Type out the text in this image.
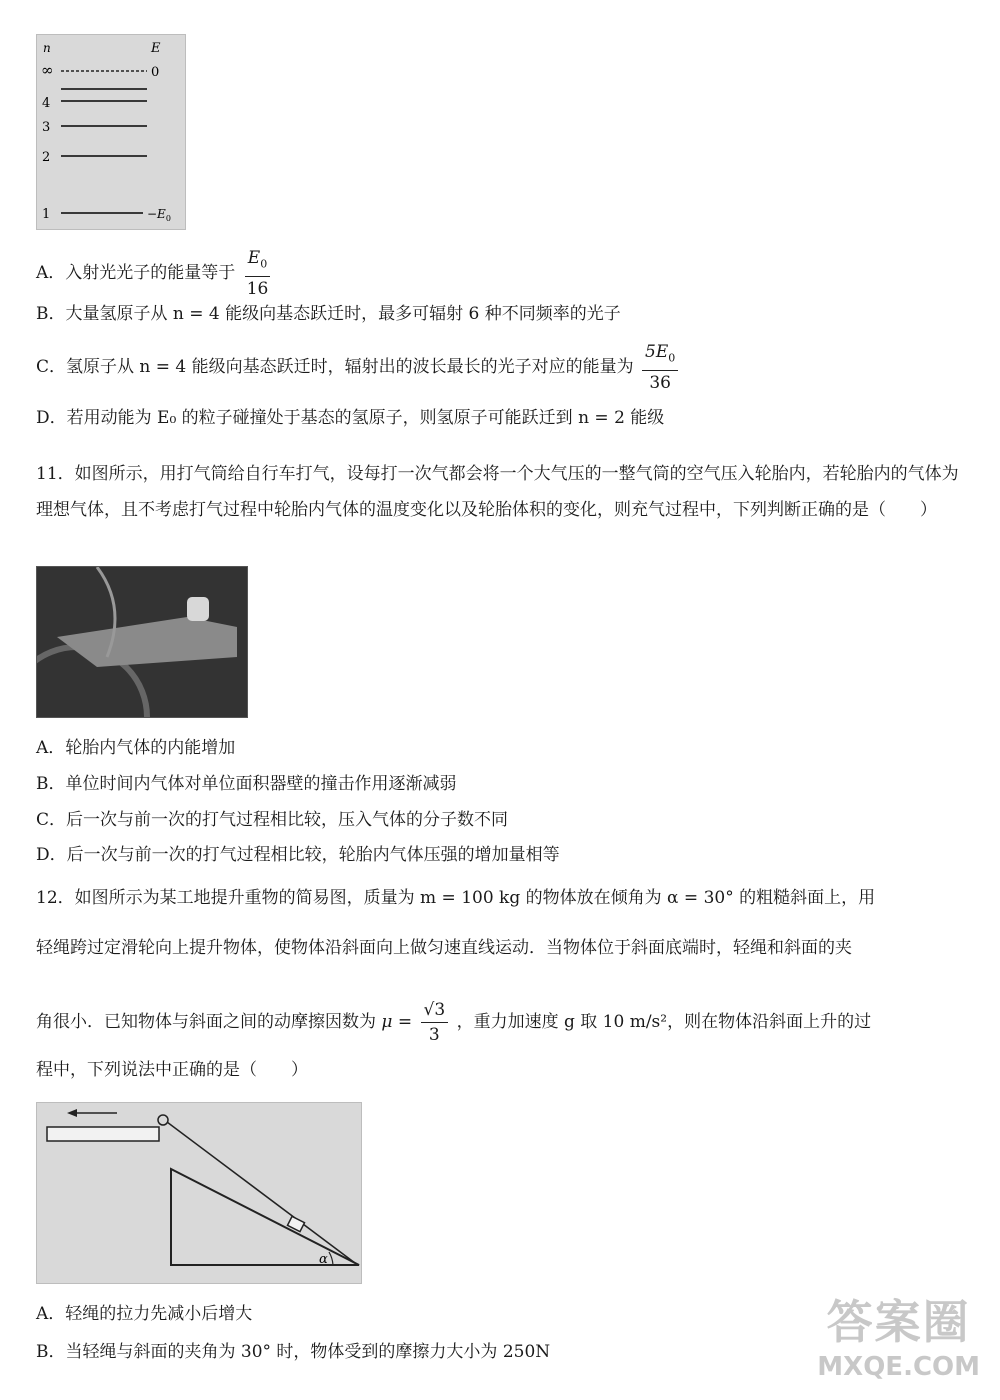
n	E
∞	0
4
3
2
1	$-E_0$
A．入射光光子的能量等于 $\frac{E_0}{16}$
B．大量氢原子从 n = 4 能级向基态跃迁时，最多可辐射 6 种不同频率的光子
C．氢原子从 n = 4 能级向基态跃迁时，辐射出的波长最长的光子对应的能量为 $\frac{5E_0}{36}$
D．若用动能为 E₀ 的粒子碰撞处于基态的氢原子，则氢原子可能跃迁到 n = 2 能级
11．如图所示，用打气筒给自行车打气，设每打一次气都会将一个大气压的一整气筒的空气压入轮胎内，若轮胎内的气体为理想气体，且不考虑打气过程中轮胎内气体的温度变化以及轮胎体积的变化，则充气过程中，下列判断正确的是（　　）
A．轮胎内气体的内能增加
B．单位时间内气体对单位面积器壁的撞击作用逐渐减弱
C．后一次与前一次的打气过程相比较，压入气体的分子数不同
D．后一次与前一次的打气过程相比较，轮胎内气体压强的增加量相等
12．如图所示为某工地提升重物的简易图，质量为 m = 100 kg 的物体放在倾角为 α = 30° 的粗糙斜面上，用
轻绳跨过定滑轮向上提升物体，使物体沿斜面向上做匀速直线运动．当物体位于斜面底端时，轻绳和斜面的夹
角很小．已知物体与斜面之间的动摩擦因数为 $\mu = \frac{√3}{3}$ ，重力加速度 g 取 10 m/s²，则在物体沿斜面上升的过
程中，下列说法中正确的是（　　）
α
A．轻绳的拉力先减小后增大
B．当轻绳与斜面的夹角为 30° 时，物体受到的摩擦力大小为 250N
答案圈
MXQE.COM
